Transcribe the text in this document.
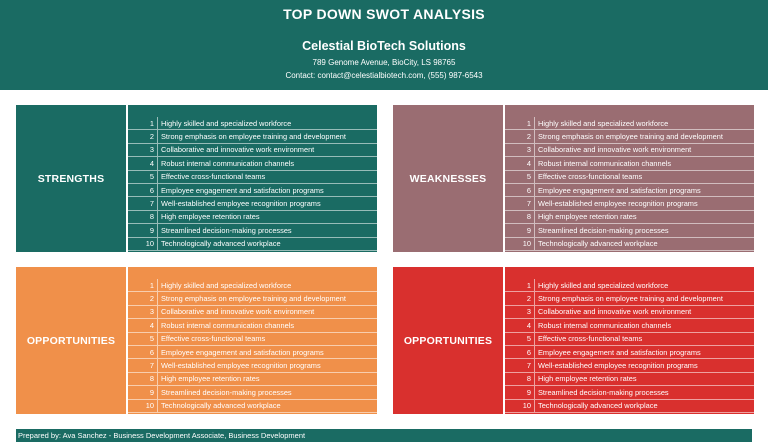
TOP DOWN SWOT ANALYSIS
Celestial BioTech Solutions
789 Genome Avenue, BioCity, LS 98765
Contact: contact@celestialbiotech.com, (555) 987-6543
STRENGTHS
1 Highly skilled and specialized workforce
2 Strong emphasis on employee training and development
3 Collaborative and innovative work environment
4 Robust internal communication channels
5 Effective cross-functional teams
6 Employee engagement and satisfaction programs
7 Well-established employee recognition programs
8 High employee retention rates
9 Streamlined decision-making processes
10 Technologically advanced workplace
WEAKNESSES
1 Highly skilled and specialized workforce
2 Strong emphasis on employee training and development
3 Collaborative and innovative work environment
4 Robust internal communication channels
5 Effective cross-functional teams
6 Employee engagement and satisfaction programs
7 Well-established employee recognition programs
8 High employee retention rates
9 Streamlined decision-making processes
10 Technologically advanced workplace
OPPORTUNITIES
1 Highly skilled and specialized workforce
2 Strong emphasis on employee training and development
3 Collaborative and innovative work environment
4 Robust internal communication channels
5 Effective cross-functional teams
6 Employee engagement and satisfaction programs
7 Well-established employee recognition programs
8 High employee retention rates
9 Streamlined decision-making processes
10 Technologically advanced workplace
OPPORTUNITIES
1 Highly skilled and specialized workforce
2 Strong emphasis on employee training and development
3 Collaborative and innovative work environment
4 Robust internal communication channels
5 Effective cross-functional teams
6 Employee engagement and satisfaction programs
7 Well-established employee recognition programs
8 High employee retention rates
9 Streamlined decision-making processes
10 Technologically advanced workplace
Prepared by: Ava Sanchez - Business Development Associate, Business Development
